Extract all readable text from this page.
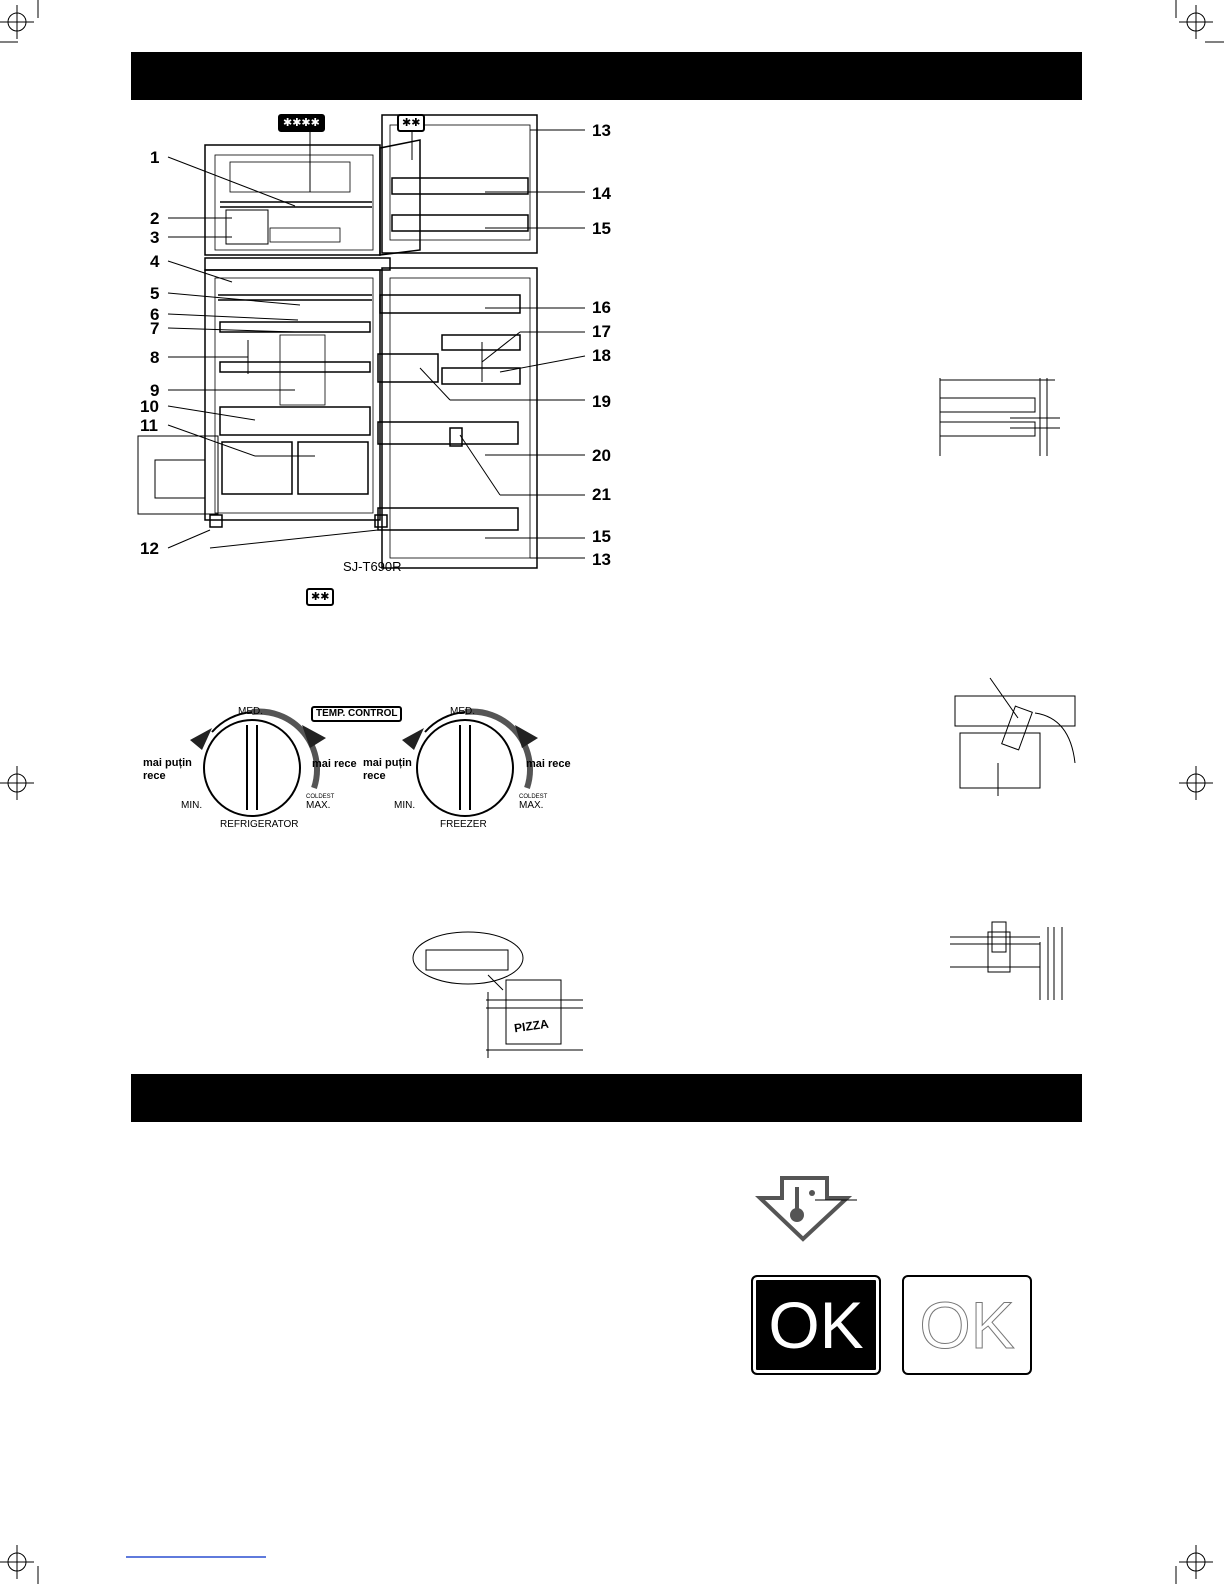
1
2
3
4
5
6
7
8
9
10
11
12
13
14
15
16
17
18
19
20
21
15
13
✱✱✱✱	✱✱
SJ-T690R
✱✱
TEMP. CONTROL
MED.
mai puțin
rece
mai rece
MIN.
COLDEST
MAX.
REFRIGERATOR
MED.
mai puțin
rece
mai rece
MIN.
COLDEST
MAX.
FREEZER
PIZZA
OK OK
